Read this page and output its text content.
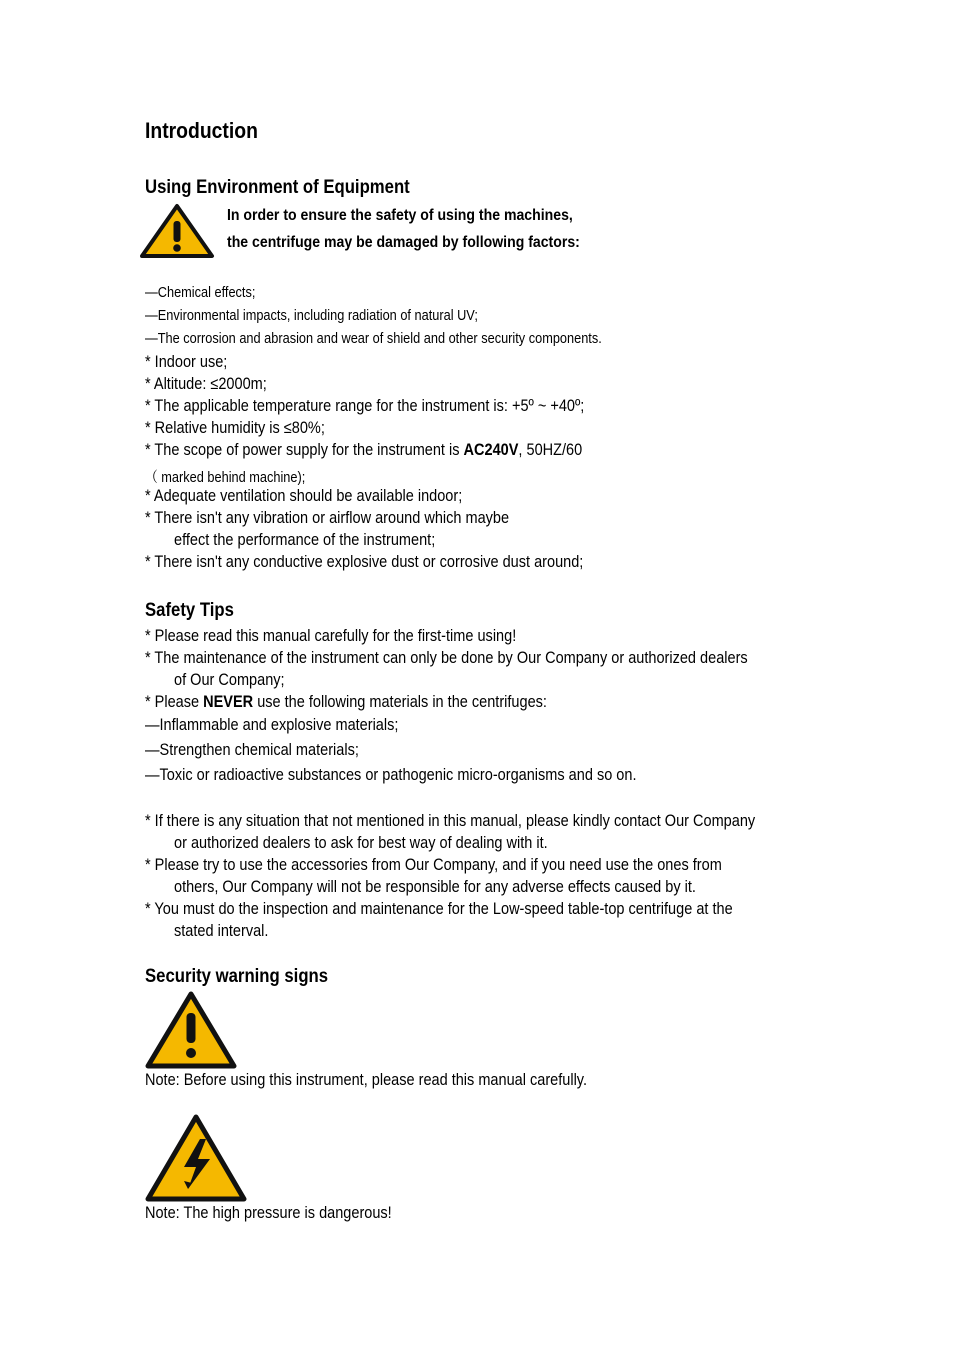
Introduction
Using Environment of Equipment
In order to ensure the safety of using the machines,
the centrifuge may be damaged by following factors:
—Chemical effects;
—Environmental impacts, including radiation of natural UV;
—The corrosion and abrasion and wear of shield and other security components.
* Indoor use;
* Altitude: ≤2000m;
* The applicable temperature range for the instrument is: +5º ~ +40º;
* Relative humidity is ≤80%;
* The scope of power supply for the instrument is AC240V, 50HZ/60
（ marked behind machine);
* Adequate ventilation should be available indoor;
* There isn't any vibration or airflow around which maybe
effect the performance of the instrument;
* There isn't any conductive explosive dust or corrosive dust around;
Safety Tips
* Please read this manual carefully for the first-time using!
* The maintenance of the instrument can only be done by Our Company or authorized dealers
of Our Company;
* Please NEVER use the following materials in the centrifuges:
—Inflammable and explosive materials;
—Strengthen chemical materials;
—Toxic or radioactive substances or pathogenic micro-organisms and so on.
* If there is any situation that not mentioned in this manual, please kindly contact Our Company
or authorized dealers to ask for best way of dealing with it.
* Please try to use the accessories from Our Company, and if you need use the ones from
others, Our Company will not be responsible for any adverse effects caused by it.
* You must do the inspection and maintenance for the Low-speed table-top centrifuge at the
stated interval.
Security warning signs
Note: Before using this instrument, please read this manual carefully.
Note: The high pressure is dangerous!
